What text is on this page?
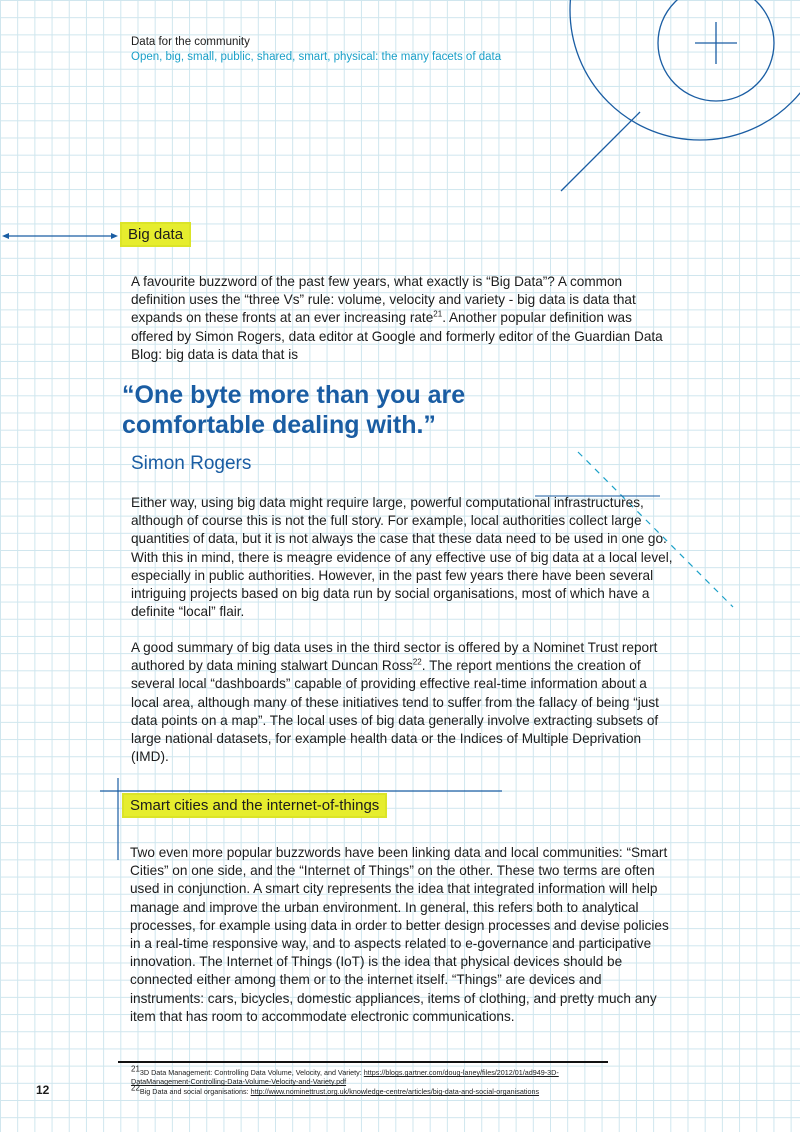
Data for the community
Open, big, small, public, shared, smart, physical: the many facets of data
Big data

A favourite buzzword of the past few years, what exactly is “Big Data”? A common definition uses the “three Vs” rule: volume, velocity and variety - big data is data that expands on these fronts at an ever increasing rate$^{21}$. Another popular definition was offered by Simon Rogers, data editor at Google and formerly editor of the Guardian Data Blog: big data is data that is

“One byte more than you are comfortable dealing with.”

Simon Rogers

Either way, using big data might require large, powerful computational infrastructures, although of course this is not the full story. For example, local authorities collect large quantities of data, but it is not always the case that these data need to be used in one go. With this in mind, there is meagre evidence of any effective use of big data at a local level, especially in public authorities. However, in the past few years there have been several intriguing projects based on big data run by social organisations, most of which have a definite “local” flair.

A good summary of big data uses in the third sector is offered by a Nominet Trust report authored by data mining stalwart Duncan Ross$^{22}$. The report mentions the creation of several local “dashboards” capable of providing effective real-time information about a local area, although many of these initiatives tend to suffer from the fallacy of being “just data points on a map”. The local uses of big data generally involve extracting subsets of large national datasets, for example health data or the Indices of Multiple Deprivation (IMD).

Smart cities and the internet-of-things

Two even more popular buzzwords have been linking data and local communities: “Smart Cities” on one side, and the “Internet of Things” on the other. These two terms are often used in conjunction. A smart city represents the idea that integrated information will help manage and improve the urban environment. In general, this refers both to analytical processes, for example using data in order to better design processes and devise policies in a real-time responsive way, and to aspects related to e-governance and participative innovation. The Internet of Things (IoT) is the idea that physical devices should be connected either among them or to the internet itself. “Things” are devices and instruments: cars, bicycles, domestic appliances, items of clothing, and pretty much any item that has room to accommodate electronic communications.

$^{21}$3D Data Management: Controlling Data Volume, Velocity, and Variety: https://blogs.gartner.com/doug-laney/files/2012/01/ad949-3D-DataManagement-Controlling-Data-Volume-Velocity-and-Variety.pdf

$^{22}$Big Data and social organisations: http://www.nominettrust.org.uk/knowledge-centre/articles/big-data-and-social-organisations

12
